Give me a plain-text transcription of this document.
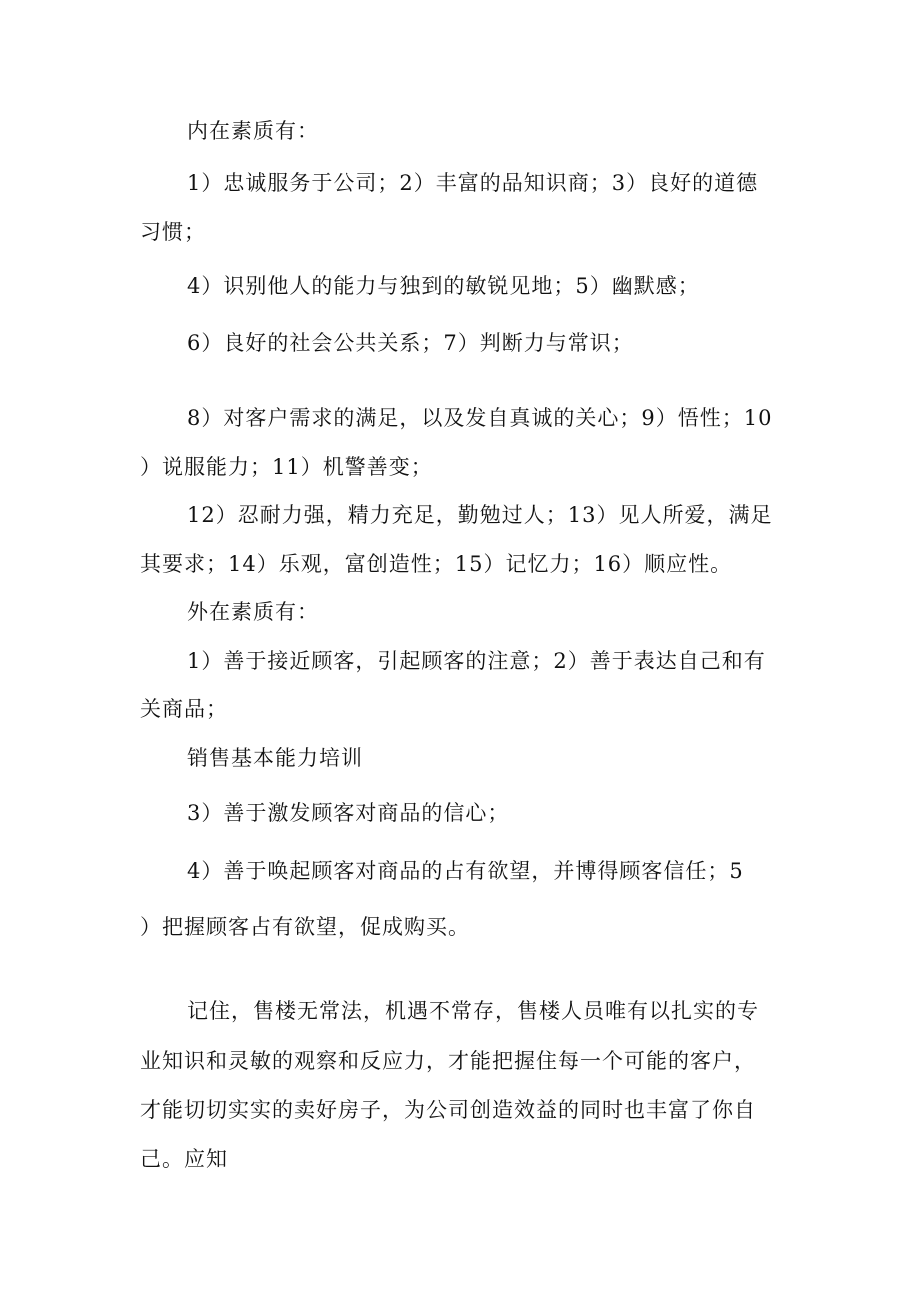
内在素质有：
1）忠诚服务于公司；2）丰富的品知识商；3）良好的道德
习惯；
4）识别他人的能力与独到的敏锐见地；5）幽默感；
6）良好的社会公共关系；7）判断力与常识；
8）对客户需求的满足，以及发自真诚的关心；9）悟性；10
）说服能力；11）机警善变；
12）忍耐力强，精力充足，勤勉过人；13）见人所爱，满足
其要求；14）乐观，富创造性；15）记忆力；16）顺应性。
外在素质有：
1）善于接近顾客，引起顾客的注意；2）善于表达自己和有
关商品；
销售基本能力培训
3）善于激发顾客对商品的信心；
4）善于唤起顾客对商品的占有欲望，并博得顾客信任；5
）把握顾客占有欲望，促成购买。
记住，售楼无常法，机遇不常存，售楼人员唯有以扎实的专
业知识和灵敏的观察和反应力，才能把握住每一个可能的客户，
才能切切实实的卖好房子，为公司创造效益的同时也丰富了你自
己。应知
